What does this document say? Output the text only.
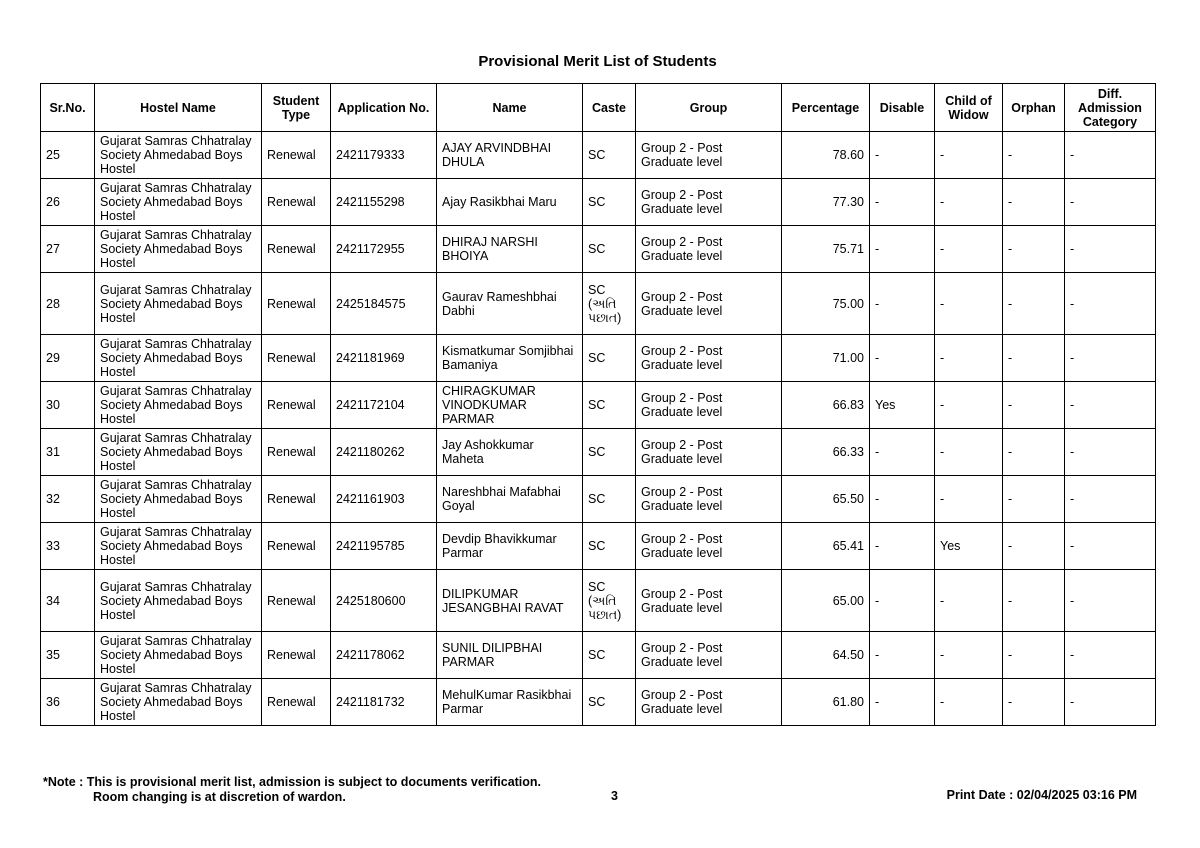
Provisional Merit List of Students
Sr.No.	Hostel Name	Student Type	Application No.	Name	Caste	Group	Percentage	Disable	Child of Widow	Orphan	Diff. Admission Category
25	Gujarat Samras Chhatralay Society Ahmedabad Boys Hostel	Renewal	2421179333	AJAY ARVINDBHAI DHULA	SC	Group 2 - Post Graduate level	78.60	-	-	-	-
26	Gujarat Samras Chhatralay Society Ahmedabad Boys Hostel	Renewal	2421155298	Ajay Rasikbhai Maru	SC	Group 2 - Post Graduate level	77.30	-	-	-	-
27	Gujarat Samras Chhatralay Society Ahmedabad Boys Hostel	Renewal	2421172955	DHIRAJ NARSHI BHOIYA	SC	Group 2 - Post Graduate level	75.71	-	-	-	-
28	Gujarat Samras Chhatralay Society Ahmedabad Boys Hostel	Renewal	2425184575	Gaurav Rameshbhai Dabhi	SC (અતિ પછાત)	Group 2 - Post Graduate level	75.00	-	-	-	-
29	Gujarat Samras Chhatralay Society Ahmedabad Boys Hostel	Renewal	2421181969	Kismatkumar Somjibhai Bamaniya	SC	Group 2 - Post Graduate level	71.00	-	-	-	-
30	Gujarat Samras Chhatralay Society Ahmedabad Boys Hostel	Renewal	2421172104	CHIRAGKUMAR VINODKUMAR PARMAR	SC	Group 2 - Post Graduate level	66.83	Yes	-	-	-
31	Gujarat Samras Chhatralay Society Ahmedabad Boys Hostel	Renewal	2421180262	Jay Ashokkumar Maheta	SC	Group 2 - Post Graduate level	66.33	-	-	-	-
32	Gujarat Samras Chhatralay Society Ahmedabad Boys Hostel	Renewal	2421161903	Nareshbhai Mafabhai Goyal	SC	Group 2 - Post Graduate level	65.50	-	-	-	-
33	Gujarat Samras Chhatralay Society Ahmedabad Boys Hostel	Renewal	2421195785	Devdip Bhavikkumar Parmar	SC	Group 2 - Post Graduate level	65.41	-	Yes	-	-
34	Gujarat Samras Chhatralay Society Ahmedabad Boys Hostel	Renewal	2425180600	DILIPKUMAR JESANGBHAI RAVAT	SC (અતિ પછાત)	Group 2 - Post Graduate level	65.00	-	-	-	-
35	Gujarat Samras Chhatralay Society Ahmedabad Boys Hostel	Renewal	2421178062	SUNIL DILIPBHAI PARMAR	SC	Group 2 - Post Graduate level	64.50	-	-	-	-
36	Gujarat Samras Chhatralay Society Ahmedabad Boys Hostel	Renewal	2421181732	MehulKumar Rasikbhai Parmar	SC	Group 2 - Post Graduate level	61.80	-	-	-	-
*Note : This is provisional merit list, admission is subject to documents verification.
Room changing is at discretion of wardon.	3	Print Date : 02/04/2025 03:16 PM
